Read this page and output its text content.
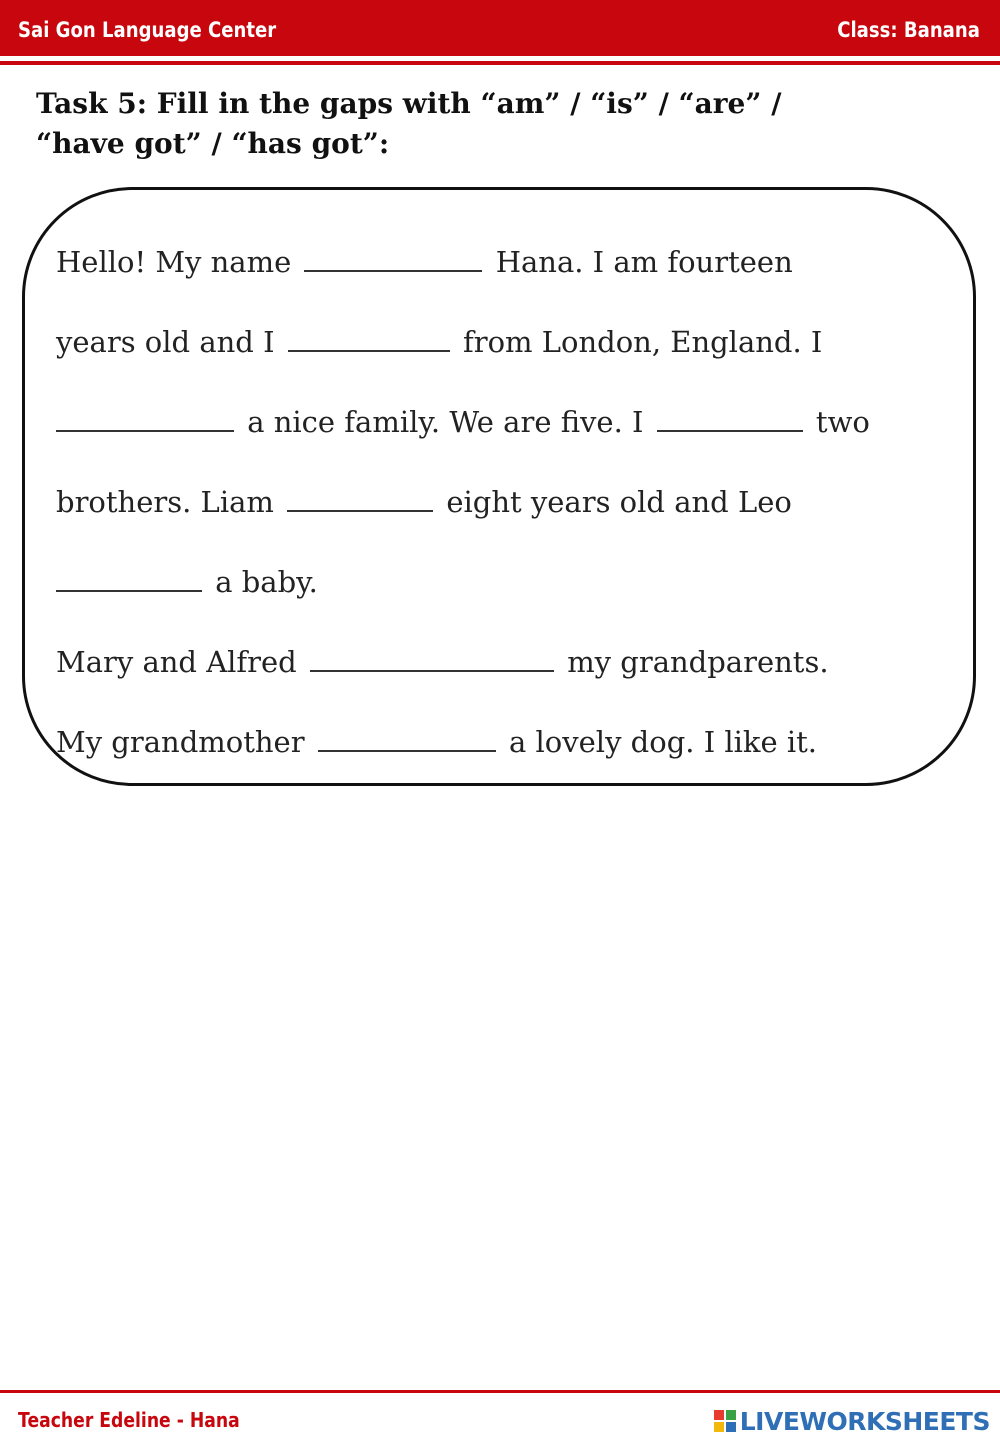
Sai Gon Language Center	Class: Banana
Task 5: Fill in the gaps with “am” / “is” / “are” /
“have got” / “has got”:
Hello! My name	Hana. I am fourteen
years old and I	from London, England. I
a nice family. We are five. I	two
brothers. Liam	eight years old and Leo
a baby.
Mary and Alfred	my grandparents.
My grandmother	a lovely dog. I like it.
Teacher Edeline - Hana	LIVEWORKSHEETS
